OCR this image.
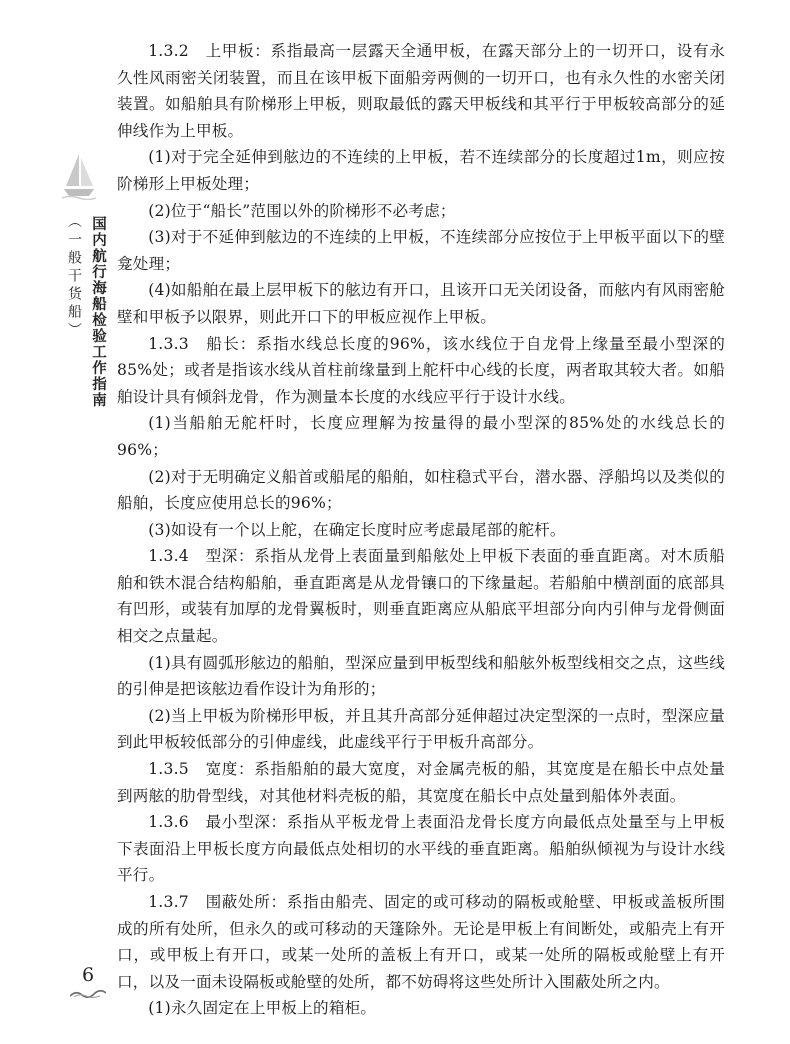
（一般干货船） 国内航行海船检验工作指南

1.3.2　上甲板：系指最高一层露天全通甲板，在露天部分上的一切开口，设有永久性风雨密关闭装置，而且在该甲板下面船旁两侧的一切开口，也有永久性的水密关闭装置。如船舶具有阶梯形上甲板，则取最低的露天甲板线和其平行于甲板较高部分的延伸线作为上甲板。

(1)对于完全延伸到舷边的不连续的上甲板，若不连续部分的长度超过1m，则应按阶梯形上甲板处理；

(2)位于“船长”范围以外的阶梯形不必考虑；

(3)对于不延伸到舷边的不连续的上甲板，不连续部分应按位于上甲板平面以下的壁龛处理；

(4)如船舶在最上层甲板下的舷边有开口，且该开口无关闭设备，而舷内有风雨密舱壁和甲板予以限界，则此开口下的甲板应视作上甲板。

1.3.3　船长：系指水线总长度的96%，该水线位于自龙骨上缘量至最小型深的85%处；或者是指该水线从首柱前缘量到上舵杆中心线的长度，两者取其较大者。如船舶设计具有倾斜龙骨，作为测量本长度的水线应平行于设计水线。

(1)当船舶无舵杆时，长度应理解为按量得的最小型深的85%处的水线总长的96%；

(2)对于无明确定义船首或船尾的船舶，如柱稳式平台，潜水器、浮船坞以及类似的船舶，长度应使用总长的96%；

(3)如设有一个以上舵，在确定长度时应考虑最尾部的舵杆。

1.3.4　型深：系指从龙骨上表面量到船舷处上甲板下表面的垂直距离。对木质船舶和铁木混合结构船舶，垂直距离是从龙骨镶口的下缘量起。若船舶中横剖面的底部具有凹形，或装有加厚的龙骨翼板时，则垂直距离应从船底平坦部分向内引伸与龙骨侧面相交之点量起。

(1)具有圆弧形舷边的船舶，型深应量到甲板型线和船舷外板型线相交之点，这些线的引伸是把该舷边看作设计为角形的；

(2)当上甲板为阶梯形甲板，并且其升高部分延伸超过决定型深的一点时，型深应量到此甲板较低部分的引伸虚线，此虚线平行于甲板升高部分。

1.3.5　宽度：系指船舶的最大宽度，对金属壳板的船，其宽度是在船长中点处量到两舷的肋骨型线，对其他材料壳板的船，其宽度在船长中点处量到船体外表面。

1.3.6　最小型深：系指从平板龙骨上表面沿龙骨长度方向最低点处量至与上甲板下表面沿上甲板长度方向最低点处相切的水平线的垂直距离。船舶纵倾视为与设计水线平行。

1.3.7　围蔽处所：系指由船壳、固定的或可移动的隔板或舱壁、甲板或盖板所围成的所有处所，但永久的或可移动的天篷除外。无论是甲板上有间断处，或船壳上有开口，或甲板上有开口，或某一处所的盖板上有开口，或某一处所的隔板或舱壁上有开口，以及一面未设隔板或舱壁的处所，都不妨碍将这些处所计入围蔽处所之内。

(1)永久固定在上甲板上的箱柜。

6
